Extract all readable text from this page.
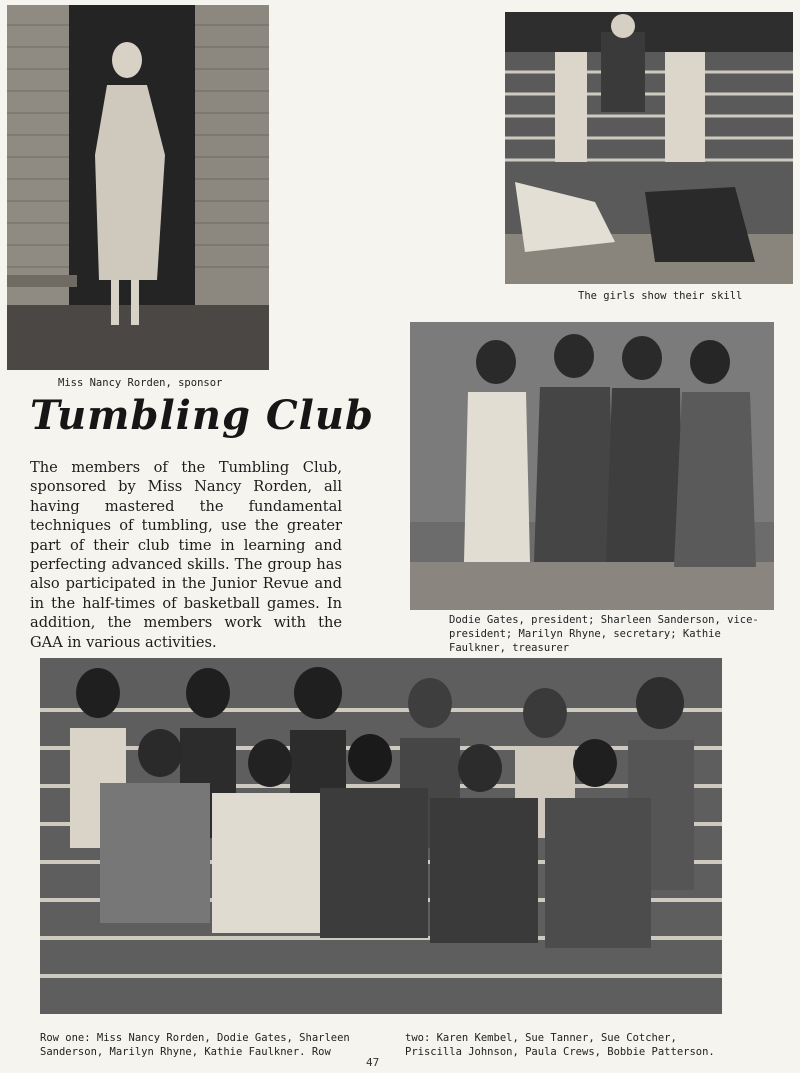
Miss Nancy Rorden, sponsor

The girls show their skill

Dodie Gates, president; Sharleen Sanderson, vice-president; Marilyn Rhyne, secretary; Kathie Faulkner, treasurer

Tumbling Club

The members of the Tumbling Club, sponsored by Miss Nancy Rorden, all having mastered the fundamental techniques of tumbling, use the greater part of their club time in learning and perfecting advanced skills. The group has also participated in the Junior Revue and in the half-times of basketball games. In addition, the members work with the GAA in various activities.

Row one: Miss Nancy Rorden, Dodie Gates, Sharleen Sanderson, Marilyn Rhyne, Kathie Faulkner. Row

two: Karen Kembel, Sue Tanner, Sue Cotcher, Priscilla Johnson, Paula Crews, Bobbie Patterson.

47
